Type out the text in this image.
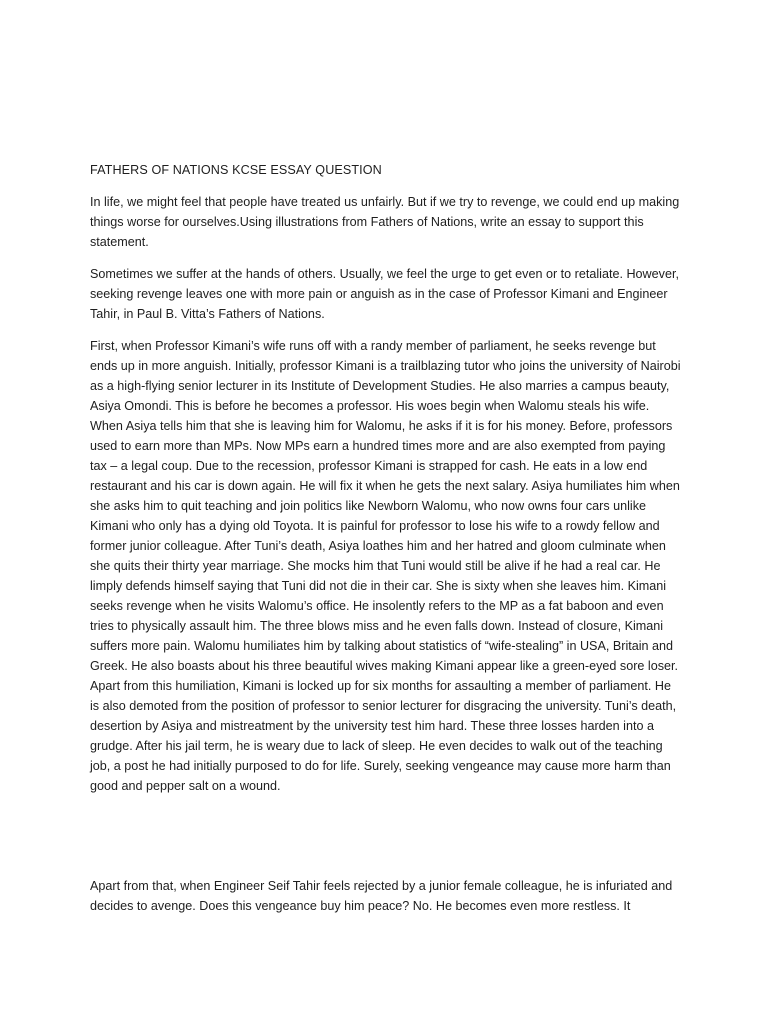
FATHERS OF NATIONS KCSE ESSAY QUESTION

In life, we might feel that people have treated us unfairly. But if we try to revenge, we could end up making things worse for ourselves.Using illustrations from Fathers of Nations, write an essay to support this statement.

Sometimes we suffer at the hands of others. Usually, we feel the urge to get even or to retaliate. However, seeking revenge leaves one with more pain or anguish as in the case of Professor Kimani and Engineer Tahir, in Paul B. Vitta’s Fathers of Nations.

First, when Professor Kimani’s wife runs off with a randy member of parliament, he seeks revenge but ends up in more anguish. Initially, professor Kimani is a trailblazing tutor who joins the university of Nairobi as a high-flying senior lecturer in its Institute of Development Studies. He also marries a campus beauty, Asiya Omondi. This is before he becomes a professor. His woes begin when Walomu steals his wife. When Asiya tells him that she is leaving him for Walomu, he asks if it is for his money. Before, professors used to earn more than MPs. Now MPs earn a hundred times more and are also exempted from paying tax – a legal coup. Due to the recession, professor Kimani is strapped for cash. He eats in a low end restaurant and his car is down again. He will fix it when he gets the next salary. Asiya humiliates him when she asks him to quit teaching and join politics like Newborn Walomu, who now owns four cars unlike Kimani who only has a dying old Toyota. It is painful for professor to lose his wife to a rowdy fellow and former junior colleague. After Tuni’s death, Asiya loathes him and her hatred and gloom culminate when she quits their thirty year marriage. She mocks him that Tuni would still be alive if he had a real car. He limply defends himself saying that Tuni did not die in their car. She is sixty when she leaves him. Kimani seeks revenge when he visits Walomu’s office. He insolently refers to the MP as a fat baboon and even tries to physically assault him. The three blows miss and he even falls down. Instead of closure, Kimani suffers more pain. Walomu humiliates him by talking about statistics of “wife-stealing” in USA, Britain and Greek. He also boasts about his three beautiful wives making Kimani appear like a green-eyed sore loser. Apart from this humiliation, Kimani is locked up for six months for assaulting a member of parliament. He is also demoted from the position of professor to senior lecturer for disgracing the university. Tuni’s death, desertion by Asiya and mistreatment by the university test him hard. These three losses harden into a grudge. After his jail term, he is weary due to lack of sleep. He even decides to walk out of the teaching job, a post he had initially purposed to do for life. Surely, seeking vengeance may cause more harm than good and pepper salt on a wound.

Apart from that, when Engineer Seif Tahir feels rejected by a junior female colleague, he is infuriated and decides to avenge. Does this vengeance buy him peace? No. He becomes even more restless. It
